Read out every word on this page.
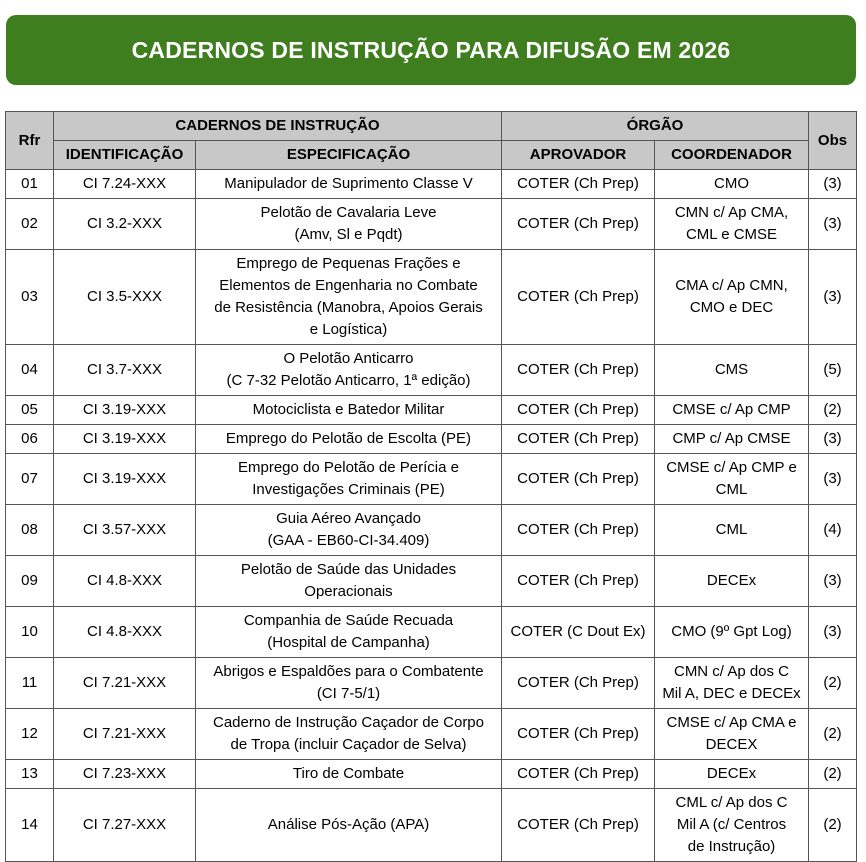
CADERNOS DE INSTRUÇÃO PARA DIFUSÃO EM 2026
Rfr	CADERNOS DE INSTRUÇÃO		ÓRGÃO		Obs
	IDENTIFICAÇÃO	ESPECIFICAÇÃO	APROVADOR	COORDENADOR	
01	CI 7.24-XXX	Manipulador de Suprimento Classe V	COTER (Ch Prep)	CMO	(3)
02	CI 3.2-XXX	Pelotão de Cavalaria Leve
(Amv, Sl e Pqdt)	COTER (Ch Prep)	CMN c/ Ap CMA,
CML e CMSE	(3)
03	CI 3.5-XXX	Emprego de Pequenas Frações e
Elementos de Engenharia no Combate
de Resistência (Manobra, Apoios Gerais
e Logística)	COTER (Ch Prep)	CMA c/ Ap CMN,
CMO e DEC	(3)
04	CI 3.7-XXX	O Pelotão Anticarro
(C 7-32 Pelotão Anticarro, 1ª edição)	COTER (Ch Prep)	CMS	(5)
05	CI 3.19-XXX	Motociclista e Batedor Militar	COTER (Ch Prep)	CMSE c/ Ap CMP	(2)
06	CI 3.19-XXX	Emprego do Pelotão de Escolta (PE)	COTER (Ch Prep)	CMP c/ Ap CMSE	(3)
07	CI 3.19-XXX	Emprego do Pelotão de Perícia e
Investigações Criminais (PE)	COTER (Ch Prep)	CMSE c/ Ap CMP e
CML	(3)
08	CI 3.57-XXX	Guia Aéreo Avançado
(GAA - EB60-CI-34.409)	COTER (Ch Prep)	CML	(4)
09	CI 4.8-XXX	Pelotão de Saúde das Unidades
Operacionais	COTER (Ch Prep)	DECEx	(3)
10	CI 4.8-XXX	Companhia de Saúde Recuada
(Hospital de Campanha)	COTER (C Dout Ex)	CMO (9º Gpt Log)	(3)
11	CI 7.21-XXX	Abrigos e Espaldões para o Combatente
(CI 7-5/1)	COTER (Ch Prep)	CMN c/ Ap dos C
Mil A, DEC e DECEx	(2)
12	CI 7.21-XXX	Caderno de Instrução Caçador de Corpo
de Tropa (incluir Caçador de Selva)	COTER (Ch Prep)	CMSE c/ Ap CMA e
DECEX	(2)
13	CI 7.23-XXX	Tiro de Combate	COTER (Ch Prep)	DECEx	(2)
14	CI 7.27-XXX	Análise Pós-Ação (APA)	COTER (Ch Prep)	CML c/ Ap dos C
Mil A (c/ Centros
de Instrução)	(2)
